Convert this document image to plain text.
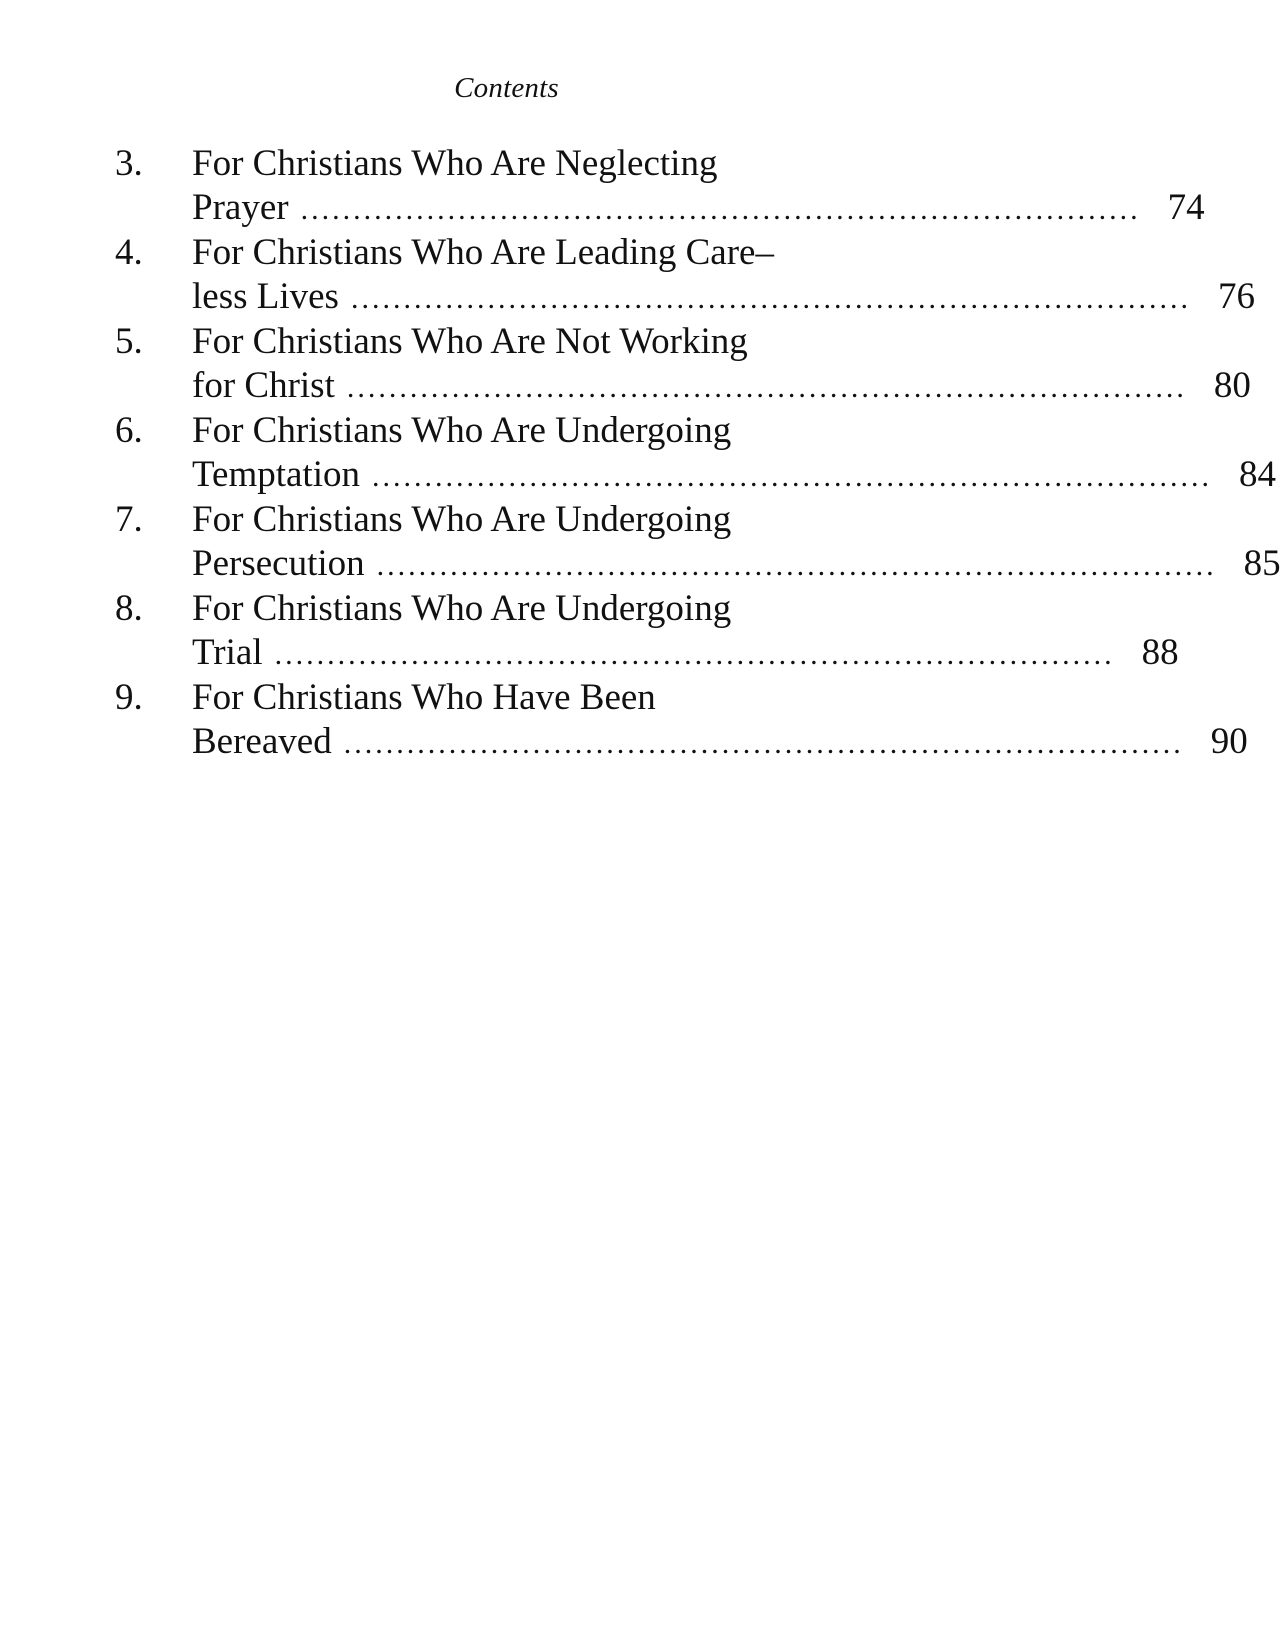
Contents
3.	For Christians Who Are Neglecting
Prayer ................................................................................ 74
4.	For Christians Who Are Leading Care–
less Lives ................................................................................ 76
5.	For Christians Who Are Not Working
for Christ ................................................................................ 80
6.	For Christians Who Are Undergoing
Temptation ................................................................................ 84
7.	For Christians Who Are Undergoing
Persecution ................................................................................ 85
8.	For Christians Who Are Undergoing
Trial ................................................................................ 88
9.	For Christians Who Have Been
Bereaved ................................................................................ 90
